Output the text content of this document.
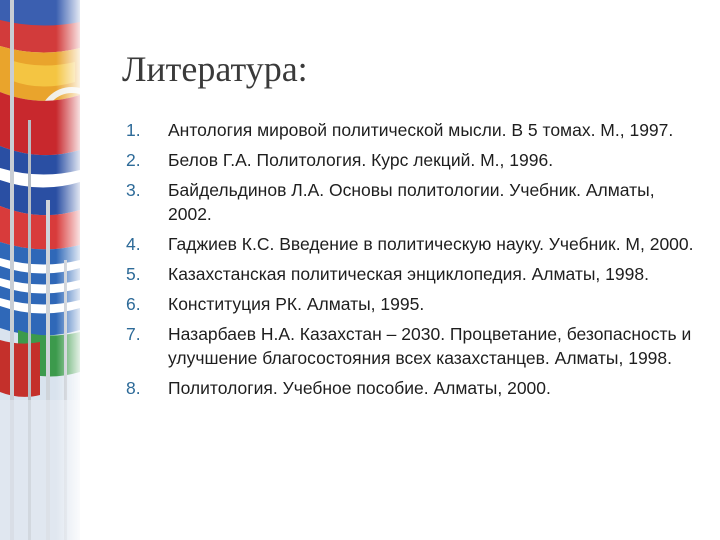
Литература:
1.	Антология мировой политической мысли. В 5 томах. М., 1997.
2.	Белов Г.А. Политология. Курс лекций. М., 1996.
3.	Байдельдинов Л.А. Основы политологии. Учебник. Алматы, 2002.
4.	Гаджиев К.С. Введение в политическую науку. Учебник. М, 2000.
5.	Казахстанская политическая энциклопедия. Алматы, 1998.
6.	Конституция РК. Алматы, 1995.
7.	Назарбаев Н.А. Казахстан – 2030. Процветание, безопасность и улучшение благосостояния всех казахстанцев. Алматы, 1998.
8.	Политология. Учебное пособие. Алматы, 2000.
